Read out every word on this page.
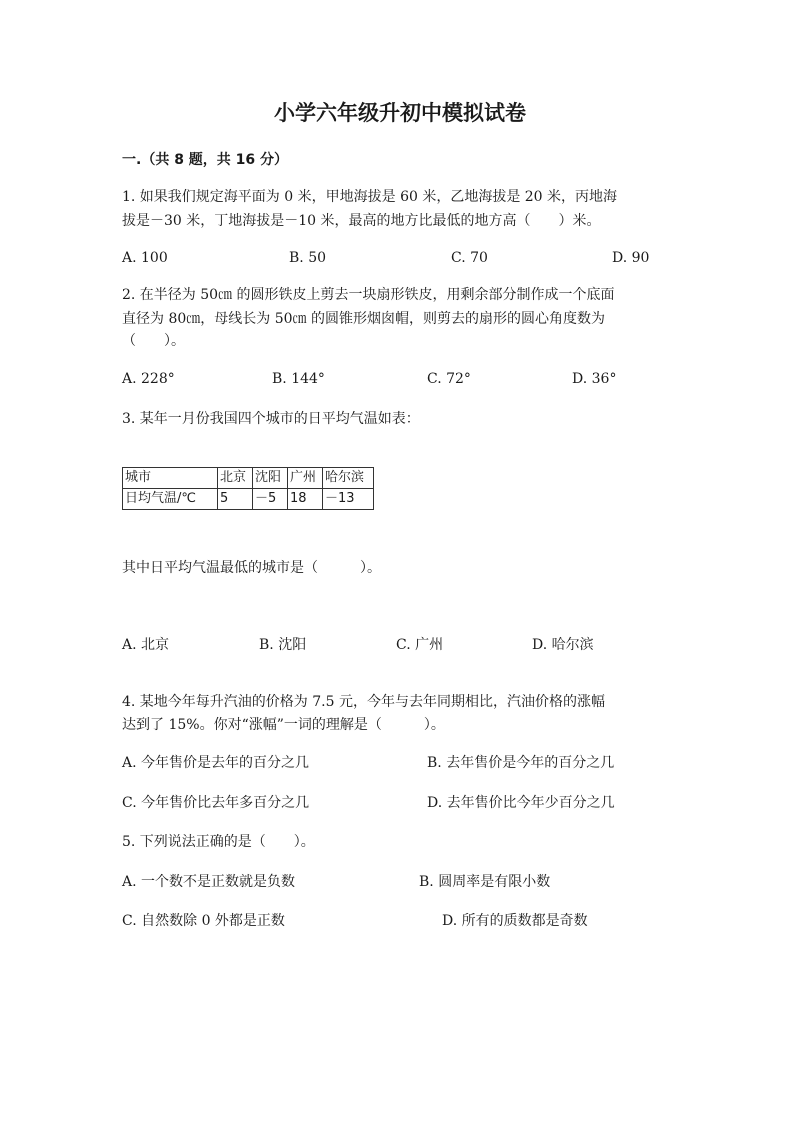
小学六年级升初中模拟试卷
一.（共 8 题，共 16 分）
1. 如果我们规定海平面为 0 米，甲地海拔是 60 米，乙地海拔是 20 米，丙地海
拔是－30 米，丁地海拔是－10 米，最高的地方比最低的地方高（　　）米。
A. 100	B. 50	C. 70	D. 90
2. 在半径为 50㎝ 的圆形铁皮上剪去一块扇形铁皮，用剩余部分制作成一个底面
直径为 80㎝，母线长为 50㎝ 的圆锥形烟囱帽，则剪去的扇形的圆心角度数为
（　　）。
A. 228°	B. 144°	C. 72°	D. 36°
3. 某年一月份我国四个城市的日平均气温如表：
城市	北京	沈阳	广州	哈尔滨
日均气温/℃	5	－5	18	－13
其中日平均气温最低的城市是（　　　）。
A. 北京	B. 沈阳	C. 广州	D. 哈尔滨
4. 某地今年每升汽油的价格为 7.5 元，今年与去年同期相比，汽油价格的涨幅
达到了 15%。你对“涨幅”一词的理解是（　　　）。
A. 今年售价是去年的百分之几	B. 去年售价是今年的百分之几
C. 今年售价比去年多百分之几	D. 去年售价比今年少百分之几
5. 下列说法正确的是（　　）。
A. 一个数不是正数就是负数	B. 圆周率是有限小数
C. 自然数除 0 外都是正数	D. 所有的质数都是奇数
